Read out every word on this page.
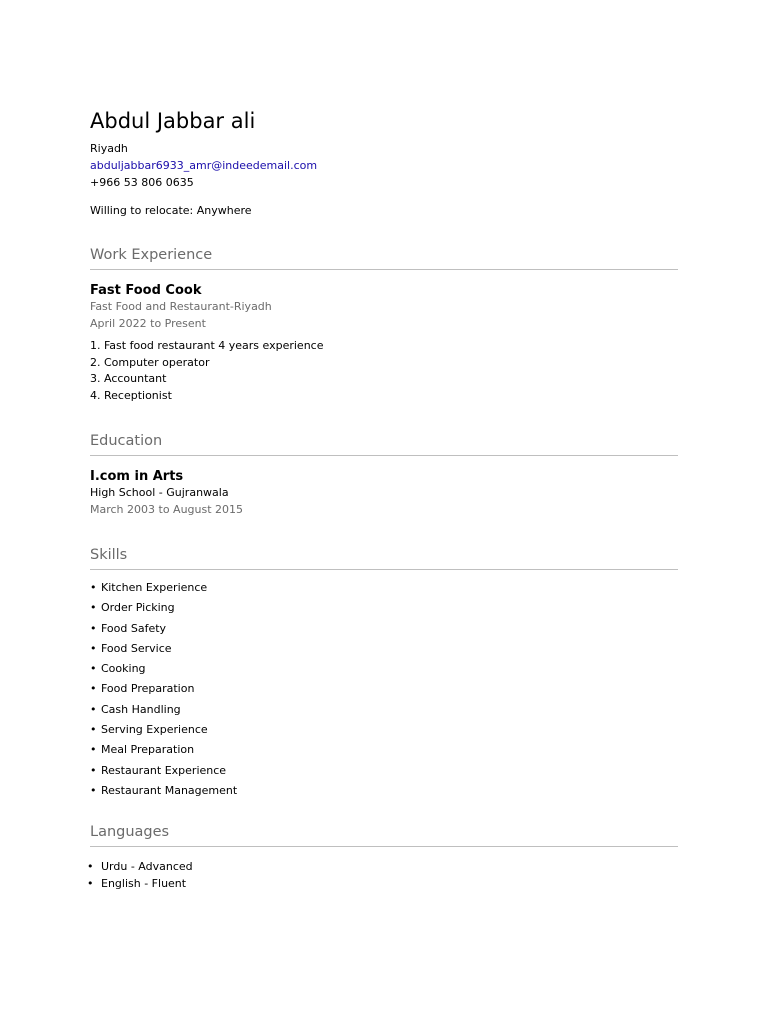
Abdul Jabbar ali
Riyadh
abduljabbar6933_amr@indeedemail.com
+966 53 806 0635
Willing to relocate: Anywhere
Work Experience
Fast Food Cook
Fast Food and Restaurant-Riyadh
April 2022 to Present
1. Fast food restaurant 4 years experience
2. Computer operator
3. Accountant
4. Receptionist
Education
I.com in Arts
High School - Gujranwala
March 2003 to August 2015
Skills
• Kitchen Experience
• Order Picking
• Food Safety
• Food Service
• Cooking
• Food Preparation
• Cash Handling
• Serving Experience
• Meal Preparation
• Restaurant Experience
• Restaurant Management
Languages
• Urdu - Advanced
• English - Fluent
